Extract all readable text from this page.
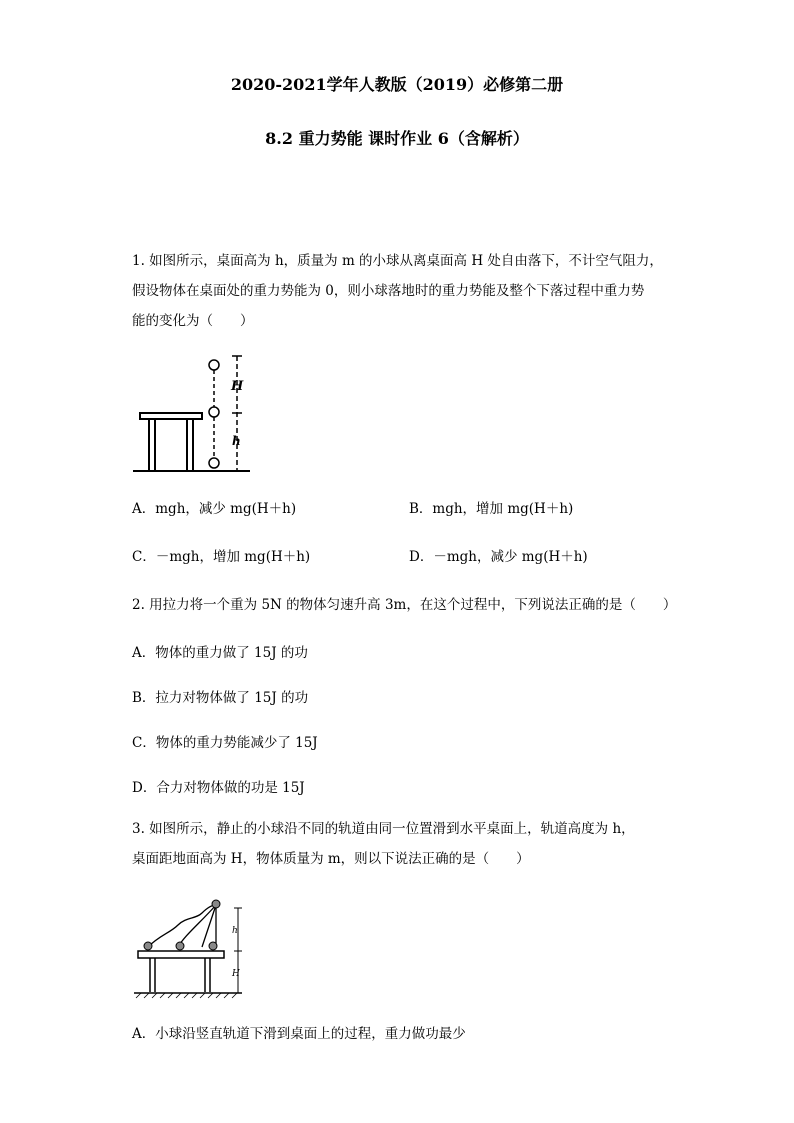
2020-2021学年人教版（2019）必修第二册
8.2 重力势能 课时作业 6（含解析）
1. 如图所示，桌面高为 h，质量为 m 的小球从离桌面高 H 处自由落下，不计空气阻力，
假设物体在桌面处的重力势能为 0，则小球落地时的重力势能及整个下落过程中重力势
能的变化为（　　）
H
h
A．mgh，减少 mg(H＋h)	B．mgh，增加 mg(H＋h)
C．－mgh，增加 mg(H＋h)	D．－mgh，减少 mg(H＋h)
2. 用拉力将一个重为 5N 的物体匀速升高 3m，在这个过程中，下列说法正确的是（　　）
A．物体的重力做了 15J 的功
B．拉力对物体做了 15J 的功
C．物体的重力势能减少了 15J
D．合力对物体做的功是 15J
3. 如图所示，静止的小球沿不同的轨道由同一位置滑到水平桌面上，轨道高度为 h，
桌面距地面高为 H，物体质量为 m，则以下说法正确的是（　　）
h
H
A．小球沿竖直轨道下滑到桌面上的过程，重力做功最少
